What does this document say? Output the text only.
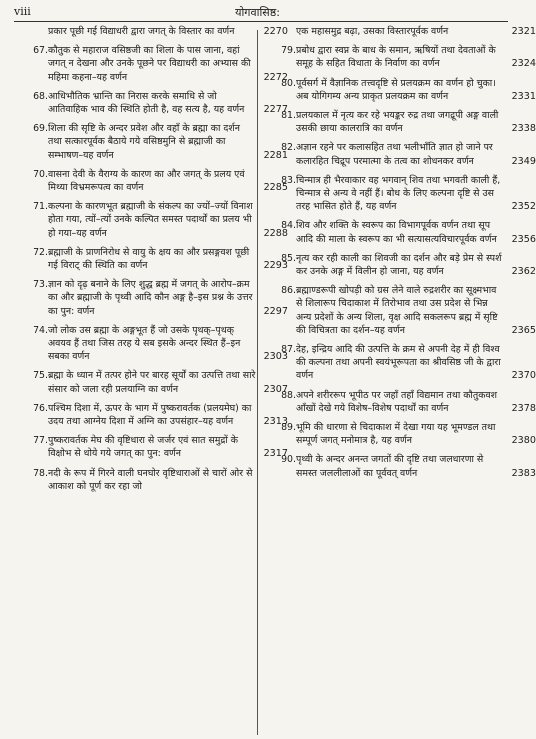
viii	योगवासिष्ठ:
प्रकार पूछी गई विद्याधरी द्वारा जगत् के विस्तार का वर्णन	2270
67. कौतुक से महाराज वसिष्ठजी का शिला के पास जाना, वहां जगत् न देखना और उनके पूछने पर विद्याधरी का अभ्यास की महिमा कहना–यह वर्णन	2272
68. आधिभौतिक भ्रान्ति का निरास करके समाधि से जो आतिवाहिक भाव की स्थिति होती है, वह सत्य है, यह वर्णन	2277
69. शिला की सृष्टि के अन्दर प्रवेश और वहाँ के ब्रह्मा का दर्शन तथा सत्कारपूर्वक बैठाये गये वसिष्ठमुनि से ब्रह्माजी का सम्भाषण–यह वर्णन	2281
70. वासना देवी के वैराग्य के कारण का और जगत् के प्रलय एवं मिथ्या विभ्रमरूपत्व का वर्णन	2285
71. कल्पना के कारणभूत ब्रह्माजी के संकल्प का ज्यों–ज्यों विनाश होता गया, त्यों–त्यों उनके कल्पित समस्त पदार्थों का प्रलय भी हो गया–यह वर्णन	2288
72. ब्रह्माजी के प्राणनिरोध से वायु के क्षय का और प्रसङ्गवश पूछी गई विराट् की स्थिति का वर्णन	2293
73. ज्ञान को दृढ़ बनाने के लिए शुद्ध ब्रह्म में जगत् के आरोप–क्रम का और ब्रह्माजी के पृथ्वी आदि कौन अङ्ग है–इस प्रश्न के उत्तर का पुन: वर्णन	2297
74. जो लोक उस ब्रह्मा के अङ्गभूत हैं जो उसके पृथक्–पृथक् अवयव हैं तथा जिस तरह ये सब इसके अन्दर स्थित हैं–इन सबका वर्णन	2303
75. ब्रह्मा के ध्यान में तत्पर होने पर बारह सूर्यों का उत्पत्ति तथा सारे संसार को जला रही प्रलयाग्नि का वर्णन	2307
76. पश्चिम दिशा में, ऊपर के भाग में पुष्करावर्तक (प्रलयमेघ) का उदय तथा आग्नेय दिशा में अग्नि का उपसंहार–यह वर्णन	2313
77. पुष्करावर्तक मेघ की वृष्टिधारा से जर्जर एवं सात समुद्रों के विक्षोभ से धोये गये जगत् का पुन: वर्णन	2317
78. नदी के रूप में गिरने वाली घनघोर वृष्टिधाराओं से चारों ओर से आकाश को पूर्ण कर रहा जो
एक महासमुद्र बढ़ा, उसका विस्तारपूर्वक वर्णन	2321
79. प्रबोध द्वारा स्वप्न के बाध के समान, ऋषियों तथा देवताओं के समूह के सहित विधाता के निर्वाण का वर्णन	2324
80. पूर्वसर्ग में वैज्ञानिक तत्त्वदृष्टि से प्रलयक्रम का वर्णन हो चुका। अब योगिगम्य अन्य प्राकृत प्रलयक्रम का वर्णन	2331
81. प्रलयकाल में नृत्य कर रहे भयङ्कर रुद्र तथा जगद्रूपी अङ्ग वाली उसकी छाया कालरात्रि का वर्णन	2338
82. अज्ञान रहने पर कलासहित तथा भलीभाँति ज्ञात हो जाने पर कलारहित चिद्रूप परमात्मा के तत्व का शोधनकर वर्णन	2349
83. चिन्मात्र ही भैरवाकार वह भगवान् शिव तथा भगवती काली हैं, चिन्मात्र से अन्य वे नहीं हैं। बोध के लिए कल्पना दृष्टि से उस तरह भासित होते हैं, यह वर्णन	2352
84. शिव और शक्ति के स्वरूप का विभागपूर्वक वर्णन तथा सूप आदि की माला के स्वरूप का भी सत्यासत्यविचारपूर्वक वर्णन	2356
85. नृत्य कर रही काली का शिवजी का दर्शन और बड़े प्रेम से स्पर्श कर उनके अङ्ग में विलीन हो जाना, यह वर्णन	2362
86. ब्रह्माण्डरूपी खोपड़ी को ग्रस लेने वाले रुद्रशरीर का सूक्ष्मभाव से शिलारूप चिदाकाश में तिरोभाव तथा उस प्रदेश से भिन्न अन्य प्रदेशों के अन्य शिला, वृक्ष आदि सकलरूप ब्रह्म में सृष्टि की विचित्रता का दर्शन–यह वर्णन	2365
87. देह, इन्द्रिय आदि की उत्पत्ति के क्रम से अपनी देह में ही विश्व की कल्पना तथा अपनी स्वयंभूरूपता का श्रीवसिष्ठ जी के द्वारा वर्णन	2370
88. अपने शरीररूप भूपीठ पर जहाँ तहाँ विद्यमान तथा कौतुकवश आँखों देखे गये विशेष–विशेष पदार्थों का वर्णन	2378
89. भूमि की धारणा से चिदाकाश में देखा गया यह भूमण्डल तथा सम्पूर्ण जगत् मनोमात्र है, यह वर्णन	2380
90. पृथ्वी के अन्दर अनन्त जगतों की दृष्टि तथा जलधारणा से समस्त जललीलाओं का पूर्ववत् वर्णन	2383
